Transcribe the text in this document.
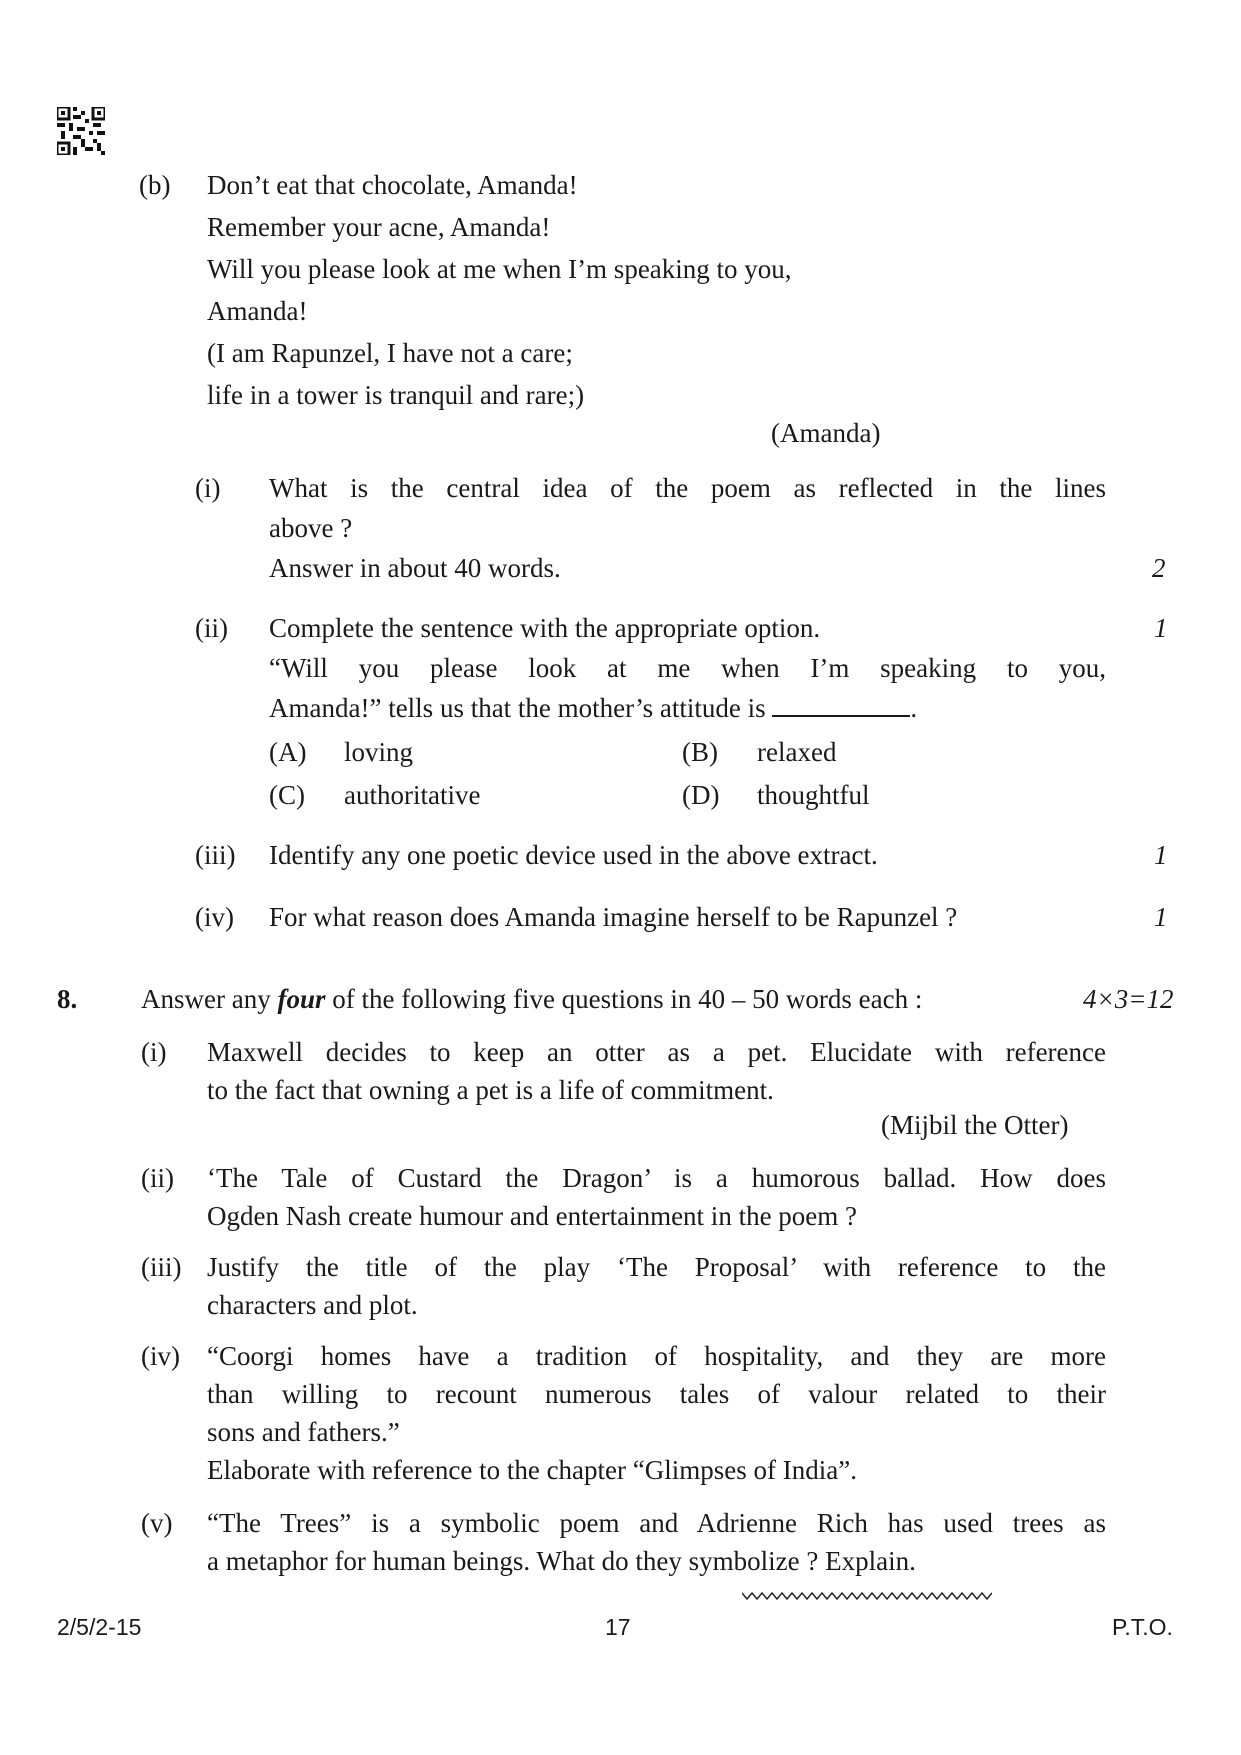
(b) Don’t eat that chocolate, Amanda!
Remember your acne, Amanda!
Will you please look at me when I’m speaking to you,
Amanda!
(I am Rapunzel, I have not a care;
life in a tower is tranquil and rare;)
(Amanda)
(i) What is the central idea of the poem as reflected in the lines
above ?
Answer in about 40 words.	2
(ii) Complete the sentence with the appropriate option.	1
“Will you please look at me when I’m speaking to you,
Amanda!” tells us that the mother’s attitude is	.
(A) loving	(B) relaxed
(C) authoritative	(D) thoughtful
(iii) Identify any one poetic device used in the above extract.	1
(iv) For what reason does Amanda imagine herself to be Rapunzel ?	1
8. Answer any four of the following five questions in 40 – 50 words each :	4×3=12
(i) Maxwell decides to keep an otter as a pet. Elucidate with reference
to the fact that owning a pet is a life of commitment.
(Mijbil the Otter)
(ii) ‘The Tale of Custard the Dragon’ is a humorous ballad. How does
Ogden Nash create humour and entertainment in the poem ?
(iii) Justify the title of the play ‘The Proposal’ with reference to the
characters and plot.
(iv) “Coorgi homes have a tradition of hospitality, and they are more
than willing to recount numerous tales of valour related to their
sons and fathers.”
Elaborate with reference to the chapter “Glimpses of India”.
(v) “The Trees” is a symbolic poem and Adrienne Rich has used trees as
a metaphor for human beings. What do they symbolize ? Explain.
2/5/2-15	17	P.T.O.
